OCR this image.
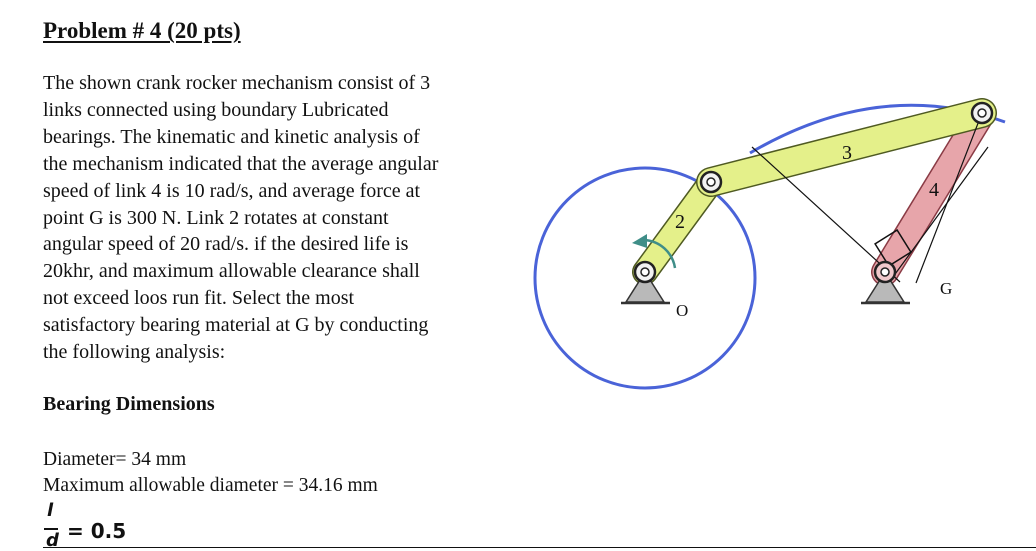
Problem # 4 (20 pts)
The shown crank rocker mechanism consist of 3
links connected using boundary Lubricated
bearings. The kinematic and kinetic analysis of
the mechanism indicated that the average angular
speed of link 4 is 10 rad/s, and average force at
point G is 300 N. Link 2 rotates at constant
angular speed of 20 rad/s. if the desired life is
20khr, and maximum allowable clearance shall
not exceed loos run fit. Select the most
satisfactory bearing material at G by conducting
the following analysis:
Bearing Dimensions
Diameter= 34 mm
Maximum allowable diameter = 34.16 mm
l
d = 0.5
O
G
2
3
4
